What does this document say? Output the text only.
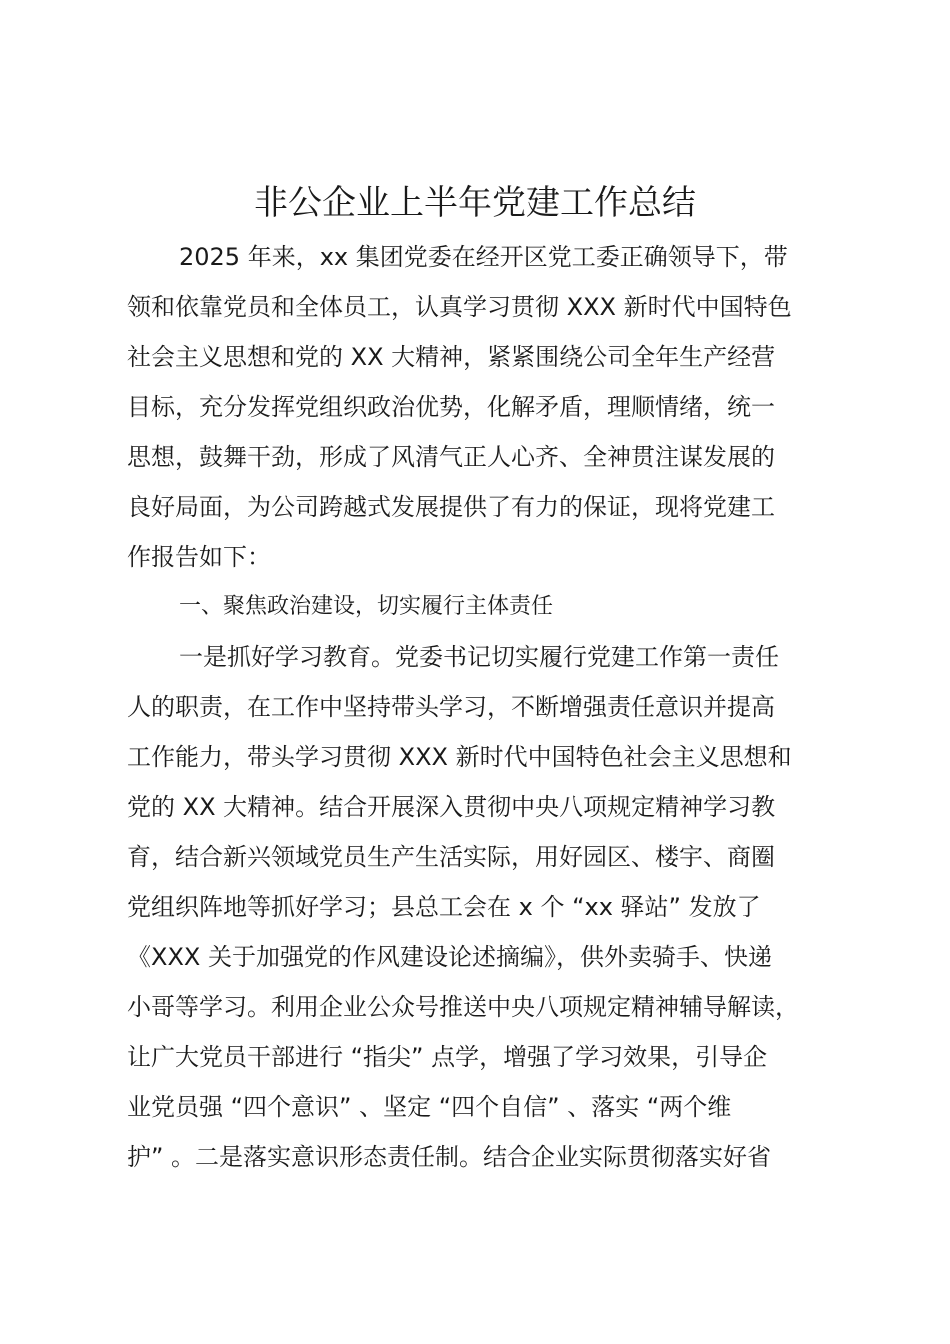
非公企业上半年党建工作总结
2025 年来，xx 集团党委在经开区党工委正确领导下，带
领和依靠党员和全体员工，认真学习贯彻 XXX 新时代中国特色
社会主义思想和党的 XX 大精神，紧紧围绕公司全年生产经营
目标，充分发挥党组织政治优势，化解矛盾，理顺情绪，统一
思想，鼓舞干劲，形成了风清气正人心齐、全神贯注谋发展的
良好局面，为公司跨越式发展提供了有力的保证，现将党建工
作报告如下：
一、聚焦政治建设，切实履行主体责任
一是抓好学习教育。党委书记切实履行党建工作第一责任
人的职责，在工作中坚持带头学习，不断增强责任意识并提高
工作能力，带头学习贯彻 XXX 新时代中国特色社会主义思想和
党的 XX 大精神。结合开展深入贯彻中央八项规定精神学习教
育，结合新兴领域党员生产生活实际，用好园区、楼宇、商圈
党组织阵地等抓好学习；县总工会在 x 个 “xx 驿站” 发放了
《XXX 关于加强党的作风建设论述摘编》，供外卖骑手、快递
小哥等学习。利用企业公众号推送中央八项规定精神辅导解读，
让广大党员干部进行 “指尖” 点学，增强了学习效果，引导企
业党员强 “四个意识” 、坚定 “四个自信” 、落实 “两个维
护” 。二是落实意识形态责任制。结合企业实际贯彻落实好省
